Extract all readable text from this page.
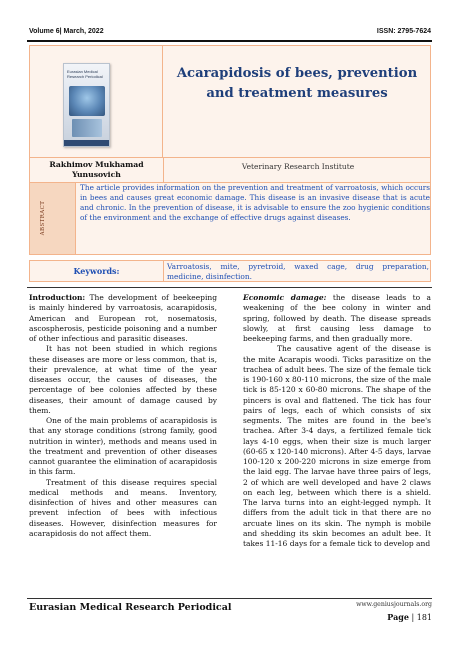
Volume 6| March, 2022	ISSN: 2795-7624
Eurasian Medical
Research Periodical	Acarapidosis of bees, prevention and treatment measures
Rakhimov Mukhamad Yunusovich
Veterinary Research Institute
ABSTRACT
The article provides information on the prevention and treatment of varroatosis, which occurs in bees and causes great economic damage. This disease is an invasive disease that is acute and chronic. In the prevention of disease, it is advisable to ensure the zoo hygienic conditions of the environment and the exchange of effective drugs against diseases.
Keywords:	Varroatosis, mite, pyretroid, waxed cage, drug preparation, medicine, disinfection.

Introduction: The development of beekeeping is mainly hindered by varroatosis, acarapidosis, American and European rot, nosematosis, ascospherosis, pesticide poisoning and a number of other infectious and parasitic diseases.

It has not been studied in which regions these diseases are more or less common, that is, their prevalence, at what time of the year diseases occur, the causes of diseases, the percentage of bee colonies affected by these diseases, their amount of damage caused by them.

One of the main problems of acarapidosis is that any storage conditions (strong family, good nutrition in winter), methods and means used in the treatment and prevention of other diseases cannot guarantee the elimination of acarapidosis in this farm.

Treatment of this disease requires special medical methods and means. Inventory, disinfection of hives and other measures can prevent infection of bees with infectious diseases. However, disinfection measures for acarapidosis do not affect them.

Economic damage: the disease leads to a weakening of the bee colony in winter and spring, followed by death. The disease spreads slowly, at first causing less damage to beekeeping farms, and then gradually more.

The causative agent of the disease is the mite Acarapis woodi. Ticks parasitize on the trachea of adult bees. The size of the female tick is 190-160 x 80-110 microns, the size of the male tick is 85-120 x 60-80 microns. The shape of the pincers is oval and flattened. The tick has four pairs of legs, each of which consists of six segments. The mites are found in the bee's trachea. After 3-4 days, a fertilized female tick lays 4-10 eggs, when their size is much larger (60-65 x 120-140 microns). After 4-5 days, larvae 100-120 x 200-220 microns in size emerge from the laid egg. The larvae have three pairs of legs, 2 of which are well developed and have 2 claws on each leg, between which there is a shield. The larva turns into an eight-legged nymph. It differs from the adult tick in that there are no arcuate lines on its skin. The nymph is mobile and shedding its skin becomes an adult bee. It takes 11-16 days for a female tick to develop and

Eurasian Medical Research Periodical	www.geniusjournals.org
Page | 181
